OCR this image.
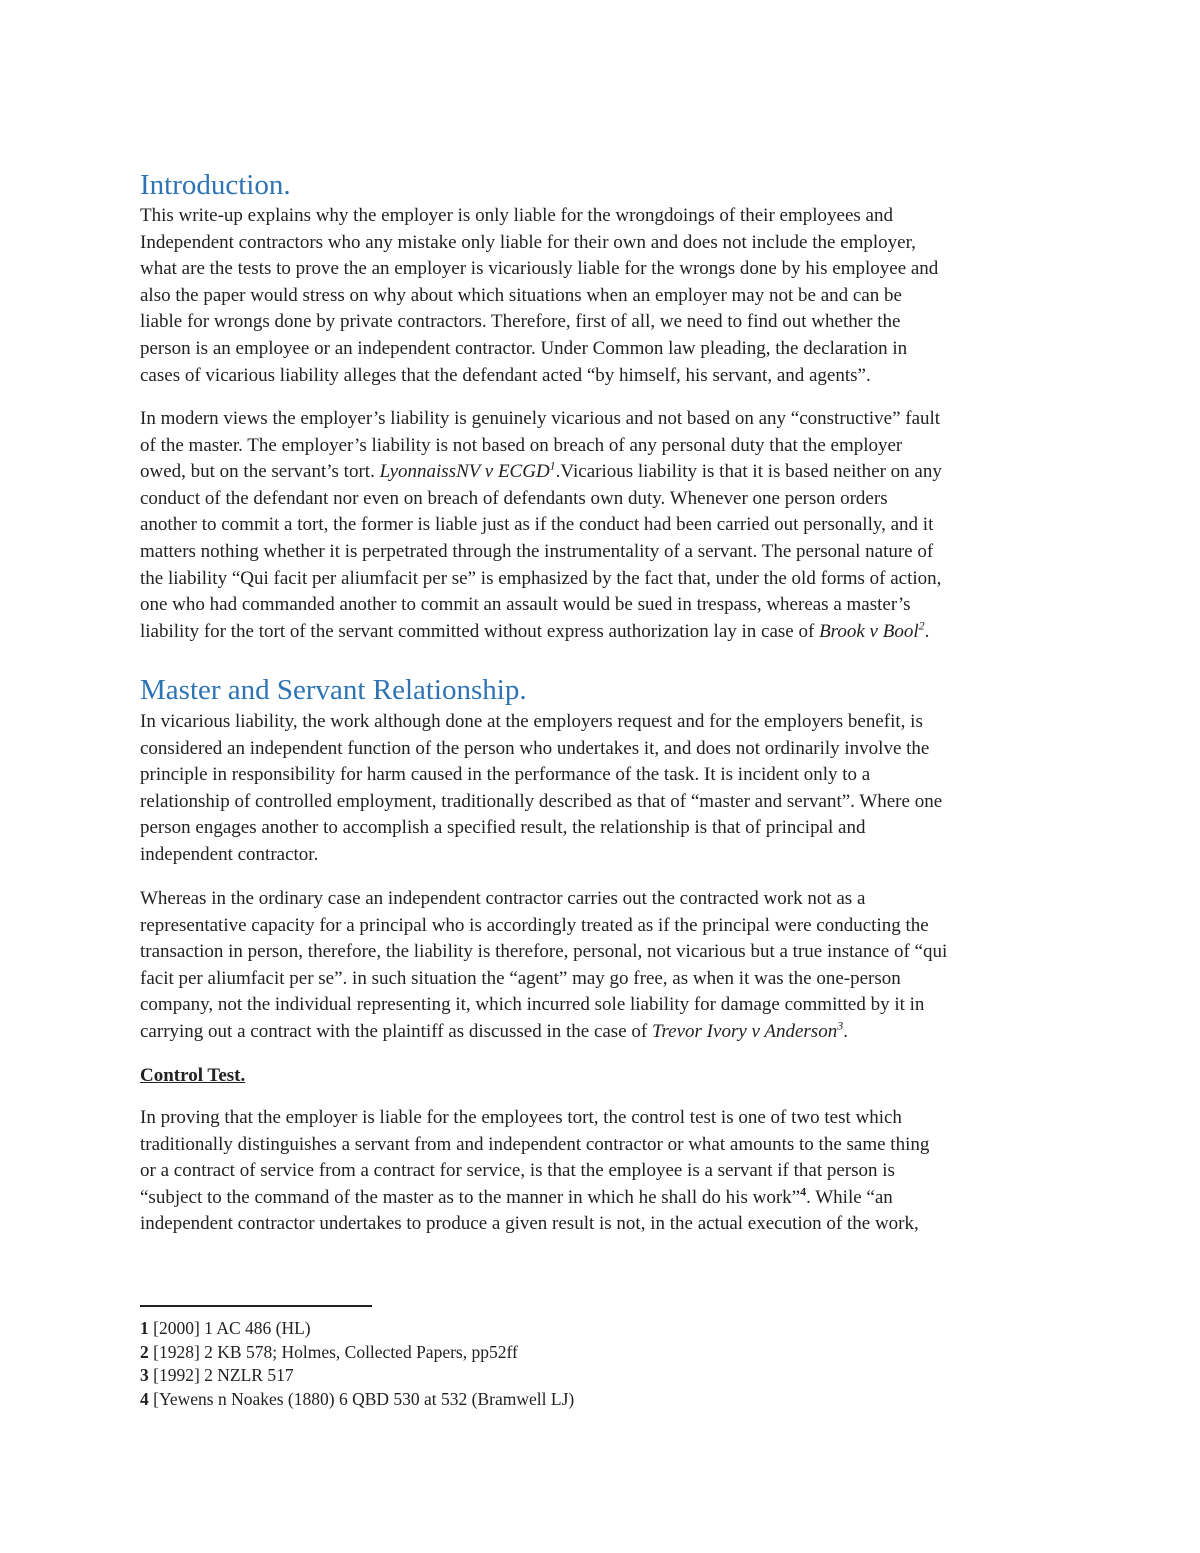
Introduction.
This write-up explains why the employer is only liable for the wrongdoings of their employees and
Independent contractors who any mistake only liable for their own and does not include the employer,
what are the tests to prove the an employer is vicariously liable for the wrongs done by his employee and
also the paper would stress on why about which situations when an employer may not be and can be
liable for wrongs done by private contractors. Therefore, first of all, we need to find out whether the
person is an employee or an independent contractor. Under Common law pleading, the declaration in
cases of vicarious liability alleges that the defendant acted “by himself, his servant, and agents”.
In modern views the employer’s liability is genuinely vicarious and not based on any “constructive” fault
of the master. The employer’s liability is not based on breach of any personal duty that the employer
owed, but on the servant’s tort. LyonnaissNV v ECGD$^1$.Vicarious liability is that it is based neither on any
conduct of the defendant nor even on breach of defendants own duty. Whenever one person orders
another to commit a tort, the former is liable just as if the conduct had been carried out personally, and it
matters nothing whether it is perpetrated through the instrumentality of a servant. The personal nature of
the liability “Qui facit per aliumfacit per se” is emphasized by the fact that, under the old forms of action,
one who had commanded another to commit an assault would be sued in trespass, whereas a master’s
liability for the tort of the servant committed without express authorization lay in case of Brook v Bool$^2$.
Master and Servant Relationship.
In vicarious liability, the work although done at the employers request and for the employers benefit, is
considered an independent function of the person who undertakes it, and does not ordinarily involve the
principle in responsibility for harm caused in the performance of the task. It is incident only to a
relationship of controlled employment, traditionally described as that of “master and servant”. Where one
person engages another to accomplish a specified result, the relationship is that of principal and
independent contractor.
Whereas in the ordinary case an independent contractor carries out the contracted work not as a
representative capacity for a principal who is accordingly treated as if the principal were conducting the
transaction in person, therefore, the liability is therefore, personal, not vicarious but a true instance of “qui
facit per aliumfacit per se”. in such situation the “agent” may go free, as when it was the one-person
company, not the individual representing it, which incurred sole liability for damage committed by it in
carrying out a contract with the plaintiff as discussed in the case of Trevor Ivory v Anderson$^3$.
Control Test.
In proving that the employer is liable for the employees tort, the control test is one of two test which
traditionally distinguishes a servant from and independent contractor or what amounts to the same thing
or a contract of service from a contract for service, is that the employee is a servant if that person is
“subject to the command of the master as to the manner in which he shall do his work”$^4$. While “an
independent contractor undertakes to produce a given result is not, in the actual execution of the work,
1 [2000] 1 AC 486 (HL)
2 [1928] 2 KB 578; Holmes, Collected Papers, pp52ff
3 [1992] 2 NZLR 517
4 [Yewens n Noakes (1880) 6 QBD 530 at 532 (Bramwell LJ)
